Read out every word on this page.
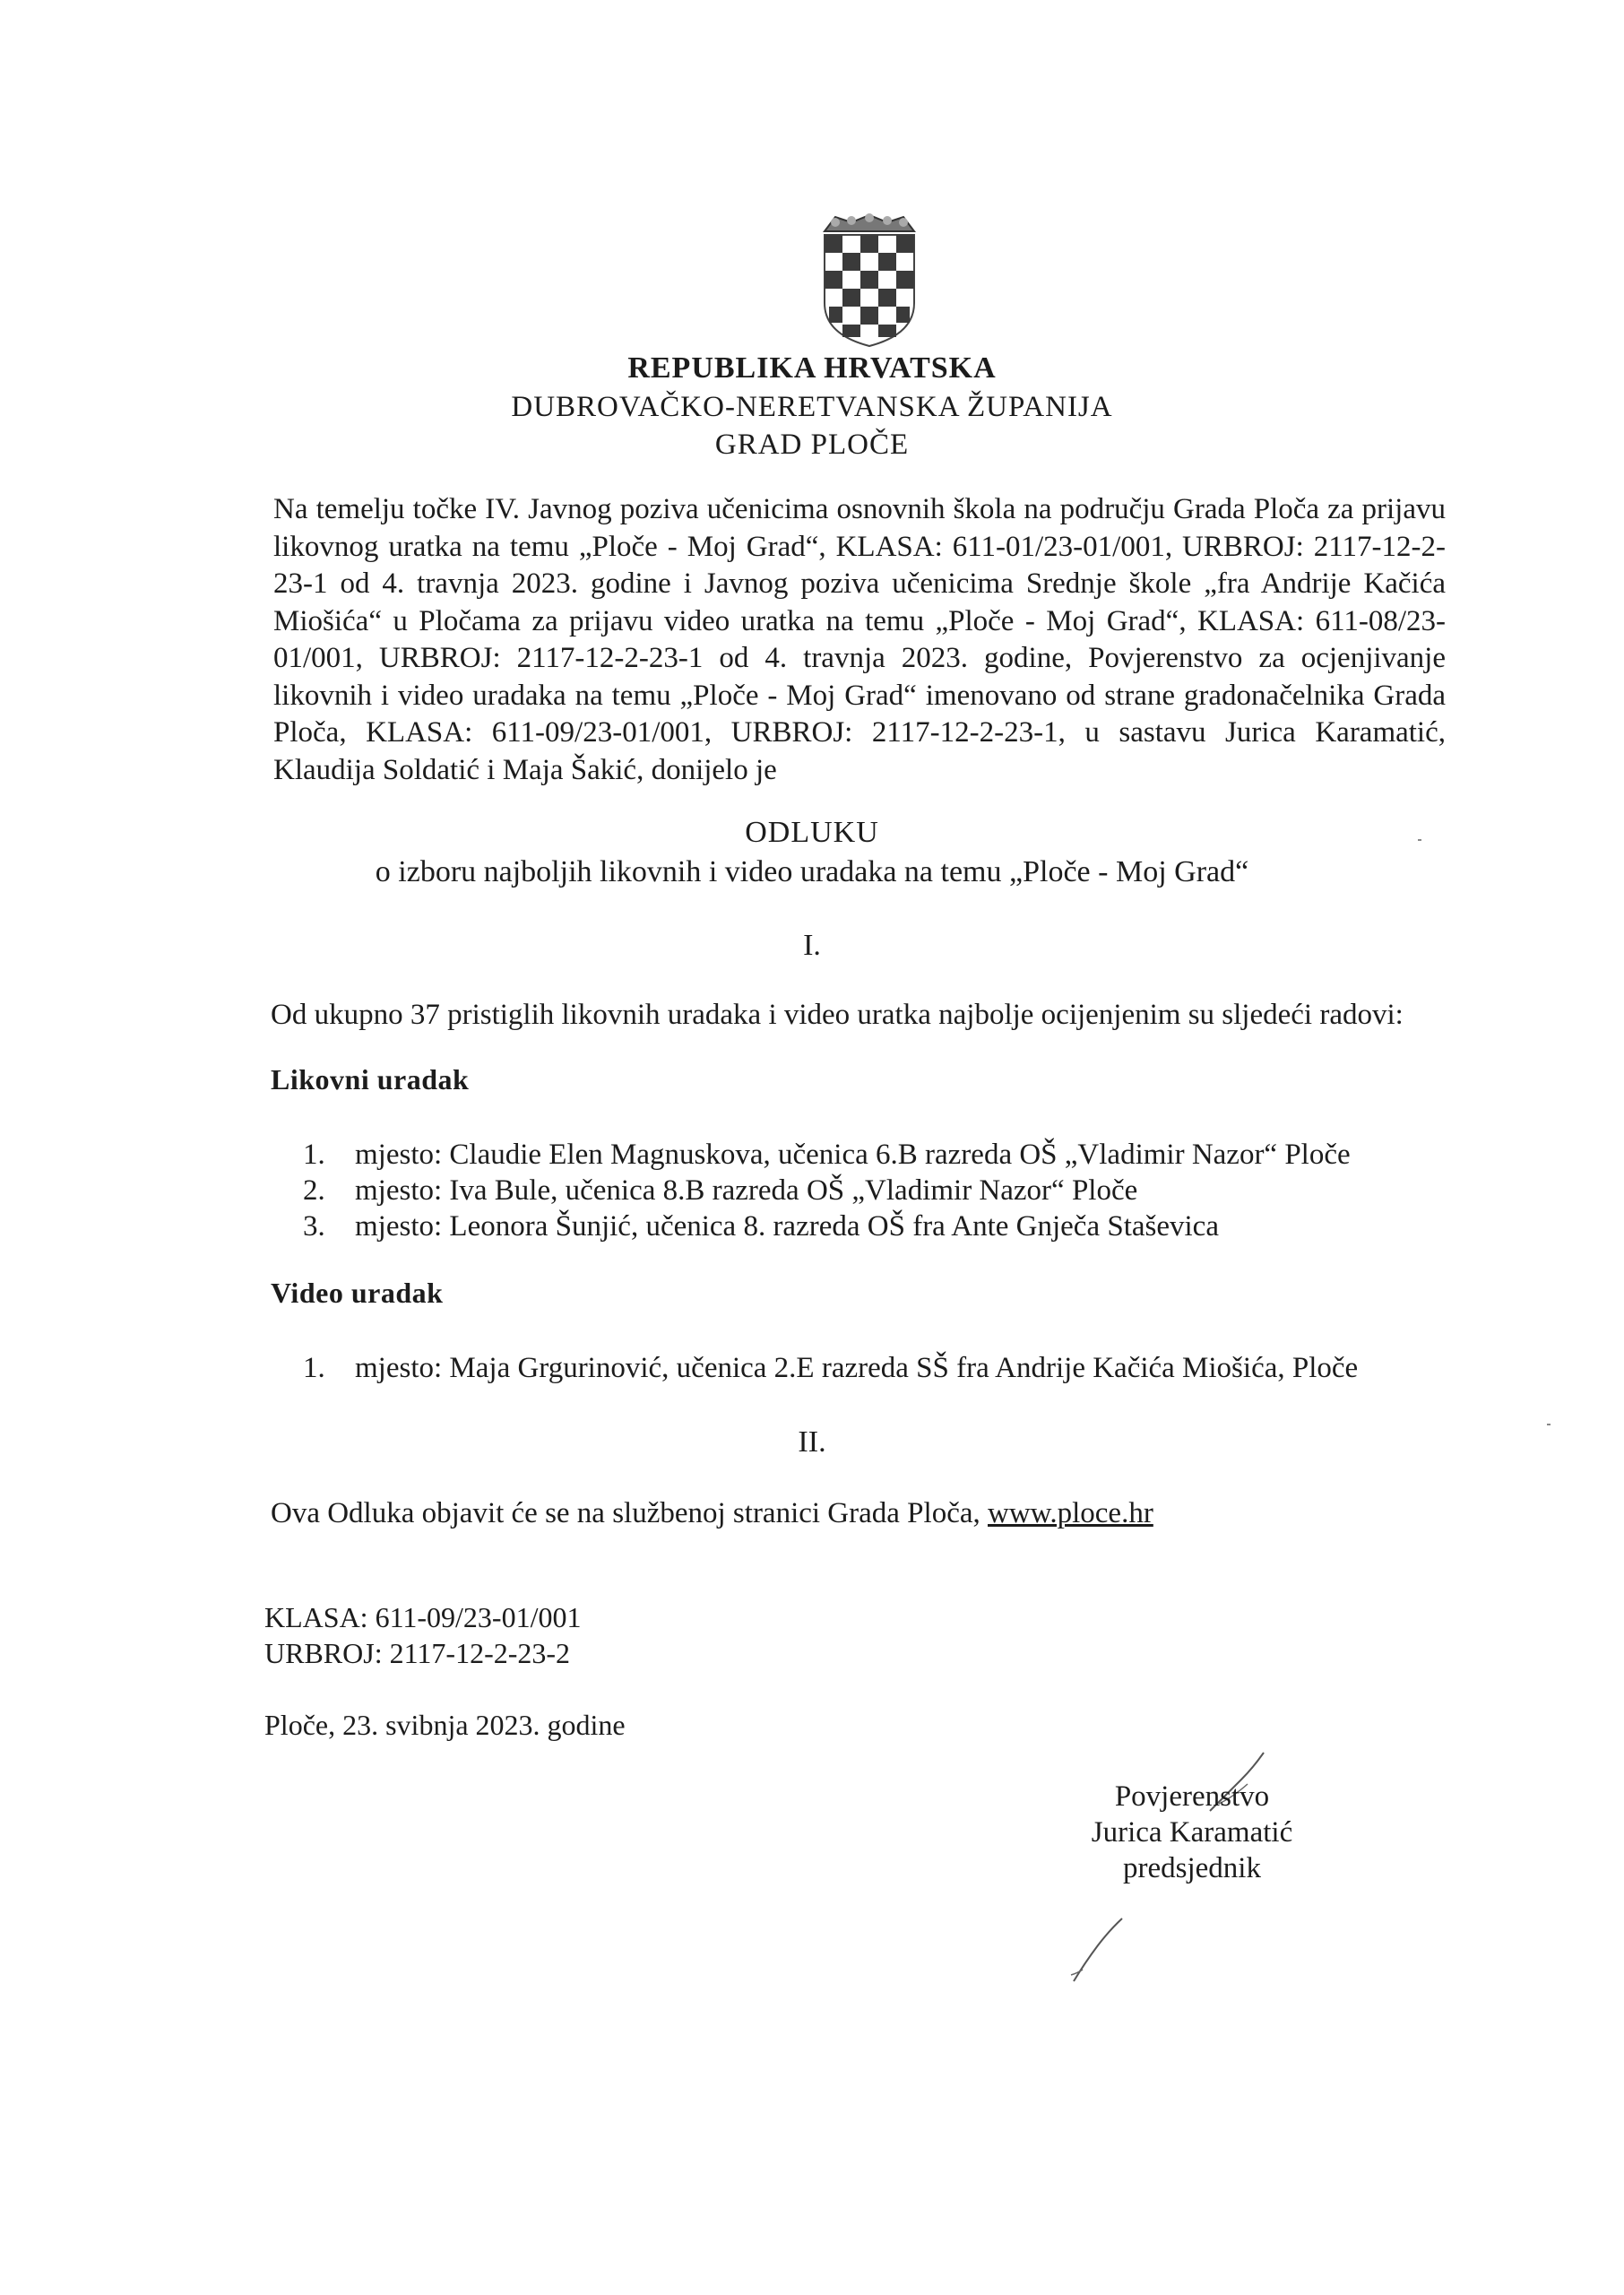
REPUBLIKA HRVATSKA
DUBROVAČKO-NERETVANSKA ŽUPANIJA
GRAD PLOČE

Na temelju točke IV. Javnog poziva učenicima osnovnih škola na području Grada Ploča za prijavu likovnog uratka na temu „Ploče - Moj Grad“, KLASA: 611-01/23-01/001, URBROJ: 2117-12-2-23-1 od 4. travnja 2023. godine i Javnog poziva učenicima Srednje škole „fra Andrije Kačića Miošića“ u Pločama za prijavu video uratka na temu „Ploče - Moj Grad“, KLASA: 611-08/23-01/001, URBROJ: 2117-12-2-23-1 od 4. travnja 2023. godine, Povjerenstvo za ocjenjivanje likovnih i video uradaka na temu „Ploče - Moj Grad“ imenovano od strane gradonačelnika Grada Ploča, KLASA: 611-09/23-01/001, URBROJ: 2117-12-2-23-1, u sastavu Jurica Karamatić, Klaudija Soldatić i Maja Šakić, donijelo je

ODLUKU
o izboru najboljih likovnih i video uradaka na temu „Ploče - Moj Grad“
I.
Od ukupno 37 pristiglih likovnih uradaka i video uratka najbolje ocijenjenim su sljedeći radovi:
Likovni uradak
1. mjesto: Claudie Elen Magnuskova, učenica 6.B razreda OŠ „Vladimir Nazor“ Ploče
2. mjesto: Iva Bule, učenica 8.B razreda OŠ „Vladimir Nazor“ Ploče
3. mjesto: Leonora Šunjić, učenica 8. razreda OŠ fra Ante Gnječa Staševica
Video uradak
1. mjesto: Maja Grgurinović, učenica 2.E razreda SŠ fra Andrije Kačića Miošića, Ploče
II.
Ova Odluka objavit će se na službenoj stranici Grada Ploča, www.ploce.hr
KLASA: 611-09/23-01/001
URBROJ: 2117-12-2-23-2
Ploče, 23. svibnja 2023. godine
Povjerenstvo
Jurica Karamatić
predsjednik
